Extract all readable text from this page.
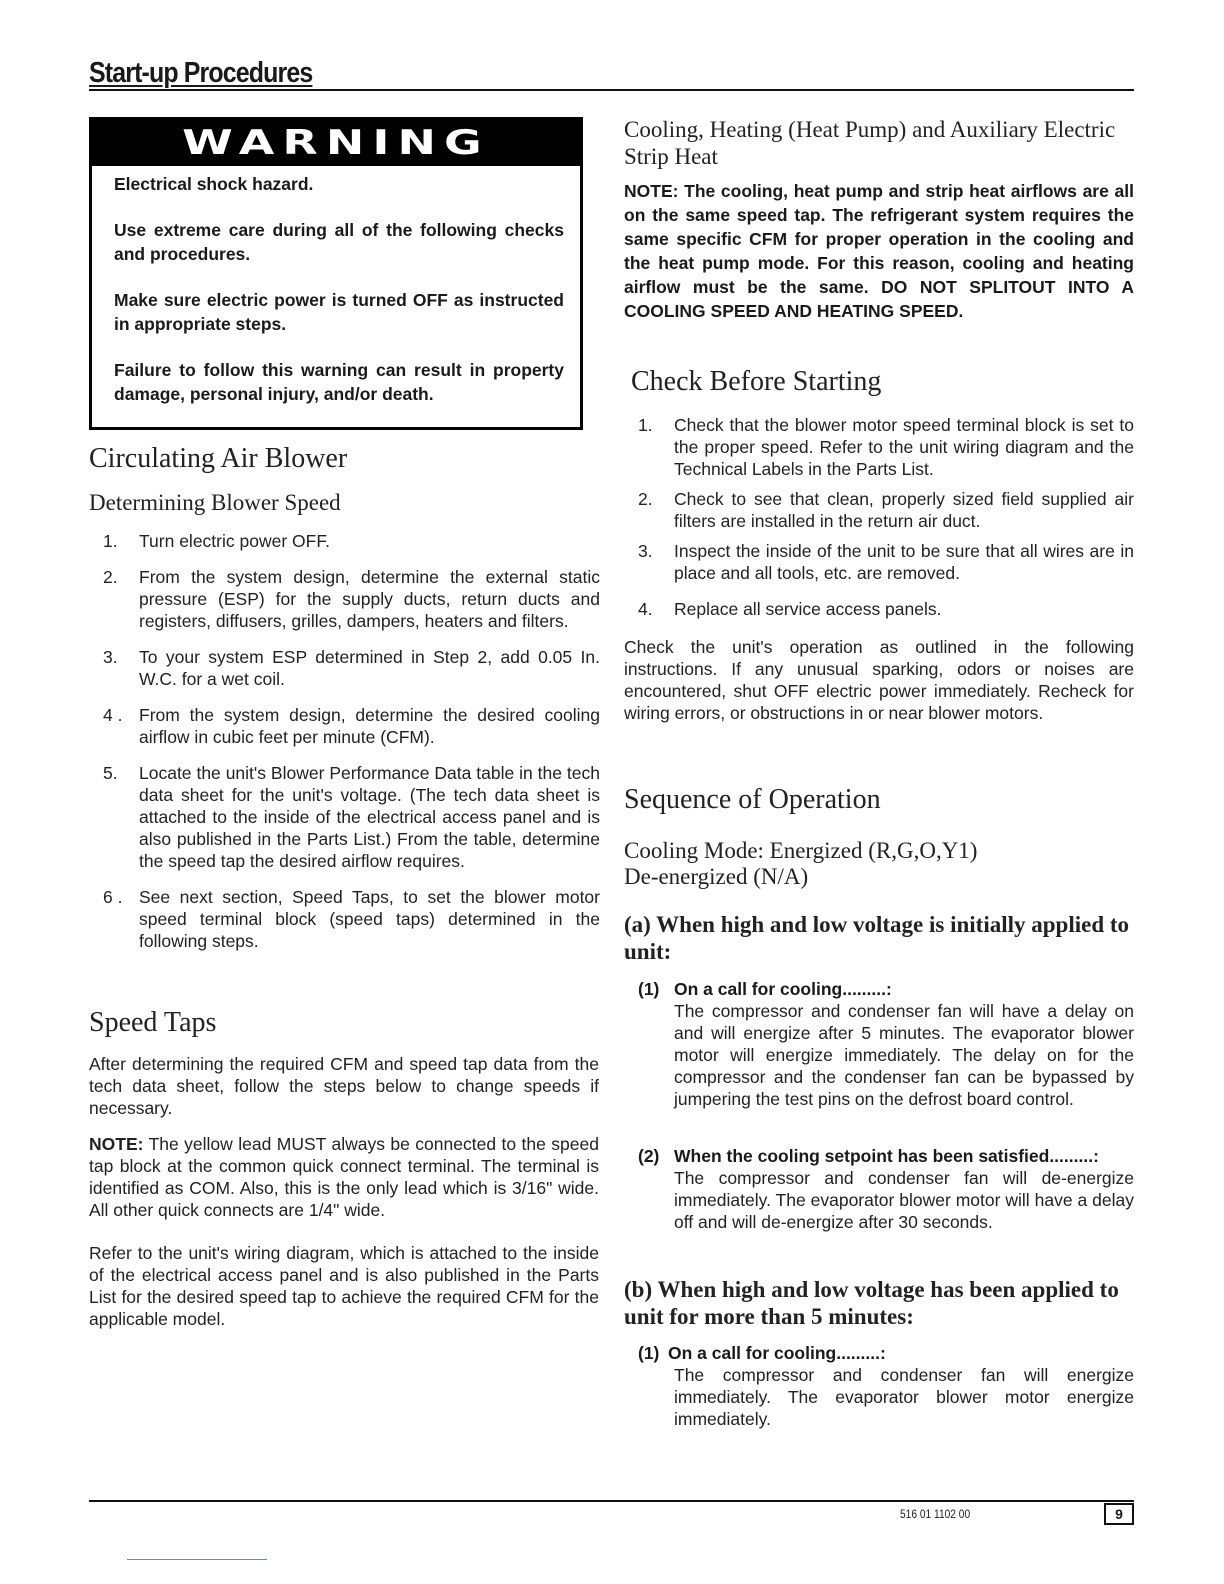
Start-up Procedures
WARNING

Electrical shock hazard.

Use extreme care during all of the following checks and procedures.

Make sure electric power is turned OFF as instructed in appropriate steps.

Failure to follow this warning can result in property damage, personal injury, and/or death.

Circulating Air Blower
Determining Blower Speed
1. Turn electric power OFF.
2. From the system design, determine the external static pressure (ESP) for the supply ducts, return ducts and registers, diffusers, grilles, dampers, heaters and filters.
3. To your system ESP determined in Step 2, add 0.05 In. W.C. for a wet coil.
4 . From the system design, determine the desired cooling airflow in cubic feet per minute (CFM).
5. Locate the unit's Blower Performance Data table in the tech data sheet for the unit's voltage. (The tech data sheet is attached to the inside of the electrical access panel and is also published in the Parts List.) From the table, determine the speed tap the desired airflow requires.
6 . See next section, Speed Taps, to set the blower motor speed terminal block (speed taps) determined in the following steps.
Speed Taps

After determining the required CFM and speed tap data from the tech data sheet, follow the steps below to change speeds if necessary.

NOTE: The yellow lead MUST always be connected to the speed tap block at the common quick connect terminal. The terminal is identified as COM. Also, this is the only lead which is 3/16" wide. All other quick connects are 1/4" wide.

Refer to the unit's wiring diagram, which is attached to the inside of the electrical access panel and is also published in the Parts List for the desired speed tap to achieve the required CFM for the applicable model.

Cooling, Heating (Heat Pump) and Auxiliary Electric Strip Heat

NOTE: The cooling, heat pump and strip heat airflows are all on the same speed tap. The refrigerant system requires the same specific CFM for proper operation in the cooling and the heat pump mode. For this reason, cooling and heating airflow must be the same. DO NOT SPLITOUT INTO A COOLING SPEED AND HEATING SPEED.

Check Before Starting
1. Check that the blower motor speed terminal block is set to the proper speed. Refer to the unit wiring diagram and the Technical Labels in the Parts List.
2. Check to see that clean, properly sized field supplied air filters are installed in the return air duct.
3. Inspect the inside of the unit to be sure that all wires are in place and all tools, etc. are removed.
4. Replace all service access panels.

Check the unit's operation as outlined in the following instructions. If any unusual sparking, odors or noises are encountered, shut OFF electric power immediately. Recheck for wiring errors, or obstructions in or near blower motors.

Sequence of Operation
Cooling Mode: Energized (R,G,O,Y1)
De-energized (N/A)
(a) When high and low voltage is initially applied to unit:
(1) On a call for cooling.........:
The compressor and condenser fan will have a delay on and will energize after 5 minutes. The evaporator blower motor will energize immediately. The delay on for the compressor and the condenser fan can be bypassed by jumpering the test pins on the defrost board control.
(2) When the cooling setpoint has been satisfied.........:
The compressor and condenser fan will de-energize immediately. The evaporator blower motor will have a delay off and will de-energize after 30 seconds.
(b) When high and low voltage has been applied to unit for more than 5 minutes:
(1) On a call for cooling.........:
The compressor and condenser fan will energize immediately. The evaporator blower motor energize immediately.
516 01 1102 00	9
